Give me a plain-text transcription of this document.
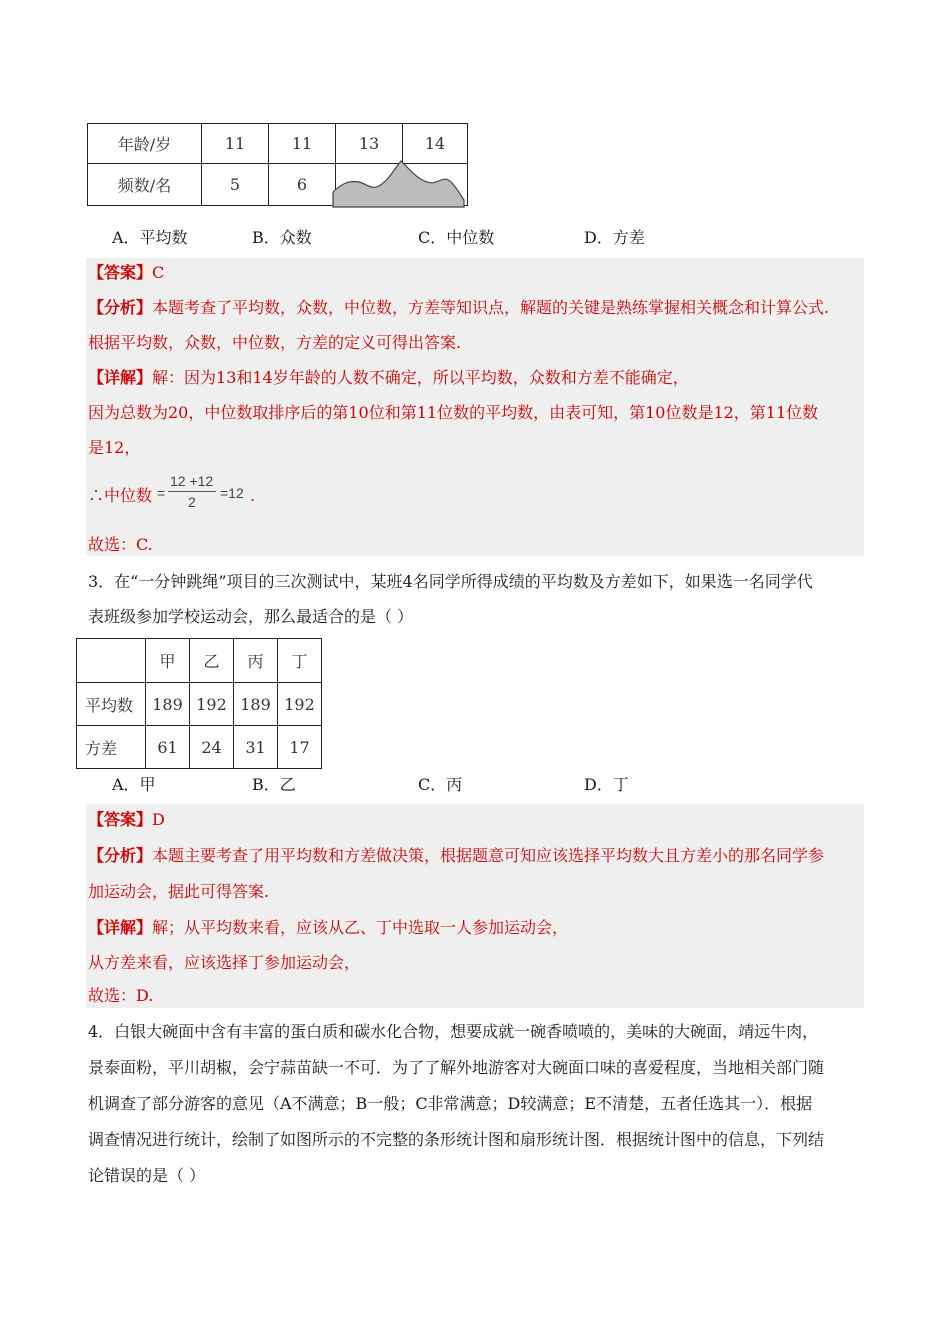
年龄/岁	11	11	13	14
频数/名	5	6		
A．平均数	B．众数	C．中位数	D．方差
【答案】C
【分析】本题考查了平均数，众数，中位数，方差等知识点，解题的关键是熟练掌握相关概念和计算公式.
根据平均数，众数，中位数，方差的定义可得出答案.
【详解】解：因为13和14岁年龄的人数不确定，所以平均数，众数和方差不能确定，
因为总数为20，中位数取排序后的第10位和第11位数的平均数，由表可知，第10位数是12，第11位数
是12，
∴中位数 =
12 +12
2
=12 .
故选：C.
3．在“一分钟跳绳”项目的三次测试中，某班4名同学所得成绩的平均数及方差如下，如果选一名同学代
表班级参加学校运动会，那么最适合的是（ ）
	甲	乙	丙	丁
平均数	189	192	189	192
方差	61	24	31	17
A．甲	B．乙	C．丙	D．丁
【答案】D
【分析】本题主要考查了用平均数和方差做决策，根据题意可知应该选择平均数大且方差小的那名同学参
加运动会，据此可得答案.
【详解】解；从平均数来看，应该从乙、丁中选取一人参加运动会，
从方差来看，应该选择丁参加运动会，
故选：D.
4．白银大碗面中含有丰富的蛋白质和碳水化合物，想要成就一碗香喷喷的，美味的大碗面，靖远牛肉，
景泰面粉，平川胡椒，会宁蒜苗缺一不可．为了了解外地游客对大碗面口味的喜爱程度，当地相关部门随
机调查了部分游客的意见（A不满意；B一般；C非常满意；D较满意；E不清楚，五者任选其一）．根据
调查情况进行统计，绘制了如图所示的不完整的条形统计图和扇形统计图．根据统计图中的信息，下列结
论错误的是（ ）
